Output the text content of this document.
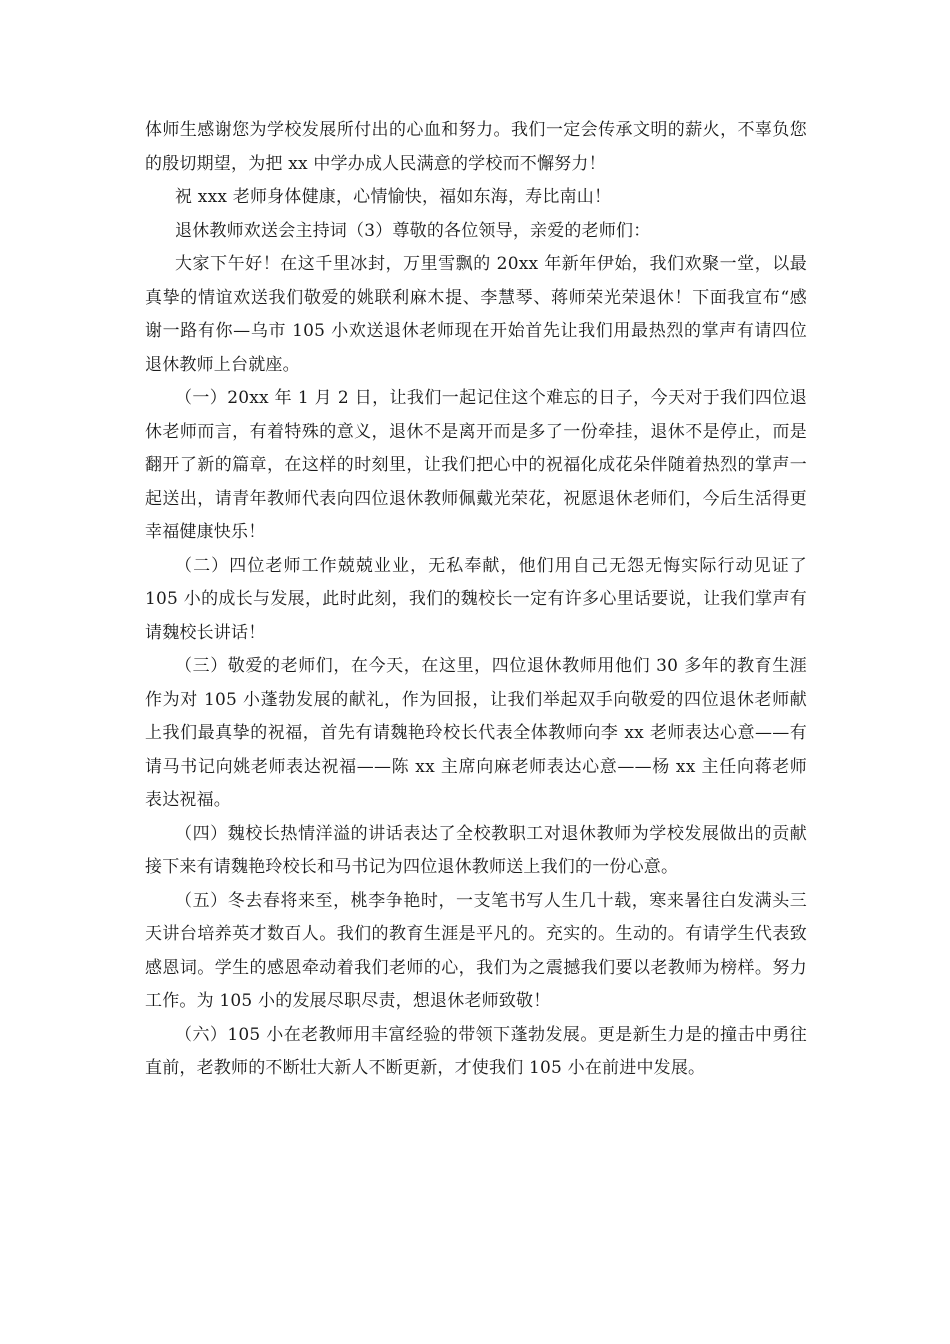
体师生感谢您为学校发展所付出的心血和努力。我们一定会传承文明的薪火，不辜负您的殷切期望，为把 xx 中学办成人民满意的学校而不懈努力！

祝 xxx 老师身体健康，心情愉快，福如东海，寿比南山！

退休教师欢送会主持词（3）尊敬的各位领导，亲爱的老师们：

大家下午好！在这千里冰封，万里雪飘的 20xx 年新年伊始，我们欢聚一堂，以最真挚的情谊欢送我们敬爱的姚联利麻木提、李慧琴、蒋师荣光荣退休！下面我宣布“感谢一路有你—乌市 105 小欢送退休老师现在开始首先让我们用最热烈的掌声有请四位退休教师上台就座。

（一）20xx 年 1 月 2 日，让我们一起记住这个难忘的日子，今天对于我们四位退休老师而言，有着特殊的意义，退休不是离开而是多了一份牵挂，退休不是停止，而是翻开了新的篇章，在这样的时刻里，让我们把心中的祝福化成花朵伴随着热烈的掌声一起送出，请青年教师代表向四位退休教师佩戴光荣花，祝愿退休老师们，今后生活得更幸福健康快乐！

（二）四位老师工作兢兢业业，无私奉献，他们用自己无怨无悔实际行动见证了 105 小的成长与发展，此时此刻，我们的魏校长一定有许多心里话要说，让我们掌声有请魏校长讲话！

（三）敬爱的老师们，在今天，在这里，四位退休教师用他们 30 多年的教育生涯作为对 105 小蓬勃发展的献礼，作为回报，让我们举起双手向敬爱的四位退休老师献上我们最真挚的祝福，首先有请魏艳玲校长代表全体教师向李 xx 老师表达心意——有请马书记向姚老师表达祝福——陈 xx 主席向麻老师表达心意——杨 xx 主任向蒋老师表达祝福。

（四）魏校长热情洋溢的讲话表达了全校教职工对退休教师为学校发展做出的贡献接下来有请魏艳玲校长和马书记为四位退休教师送上我们的一份心意。

（五）冬去春将来至，桃李争艳时，一支笔书写人生几十载，寒来暑往白发满头三天讲台培养英才数百人。我们的教育生涯是平凡的。充实的。生动的。有请学生代表致感恩词。学生的感恩牵动着我们老师的心，我们为之震撼我们要以老教师为榜样。努力工作。为 105 小的发展尽职尽责，想退休老师致敬！

（六）105 小在老教师用丰富经验的带领下蓬勃发展。更是新生力是的撞击中勇往直前，老教师的不断壮大新人不断更新，才使我们 105 小在前进中发展。
